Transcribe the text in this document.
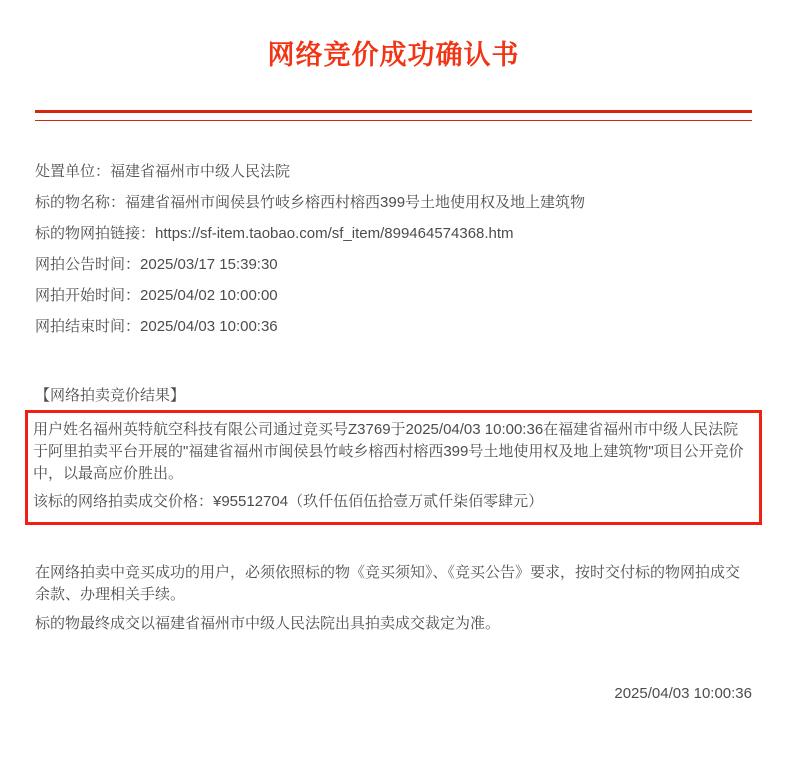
网络竞价成功确认书

处置单位：福建省福州市中级人民法院

标的物名称：福建省福州市闽侯县竹岐乡榕西村榕西399号土地使用权及地上建筑物

标的物网拍链接：https://sf-item.taobao.com/sf_item/899464574368.htm

网拍公告时间：2025/03/17 15:39:30

网拍开始时间：2025/04/02 10:00:00

网拍结束时间：2025/04/03 10:00:36

【网络拍卖竞价结果】

用户姓名福州英特航空科技有限公司通过竞买号Z3769于2025/04/03 10:00:36在福建省福州市中级人民法院于阿里拍卖平台开展的"福建省福州市闽侯县竹岐乡榕西村榕西399号土地使用权及地上建筑物"项目公开竞价中，以最高应价胜出。

该标的网络拍卖成交价格：¥95512704（玖仟伍佰伍拾壹万贰仟柒佰零肆元）

在网络拍卖中竞买成功的用户，必须依照标的物《竞买须知》、《竞买公告》要求，按时交付标的物网拍成交余款、办理相关手续。

标的物最终成交以福建省福州市中级人民法院出具拍卖成交裁定为准。

2025/04/03 10:00:36
